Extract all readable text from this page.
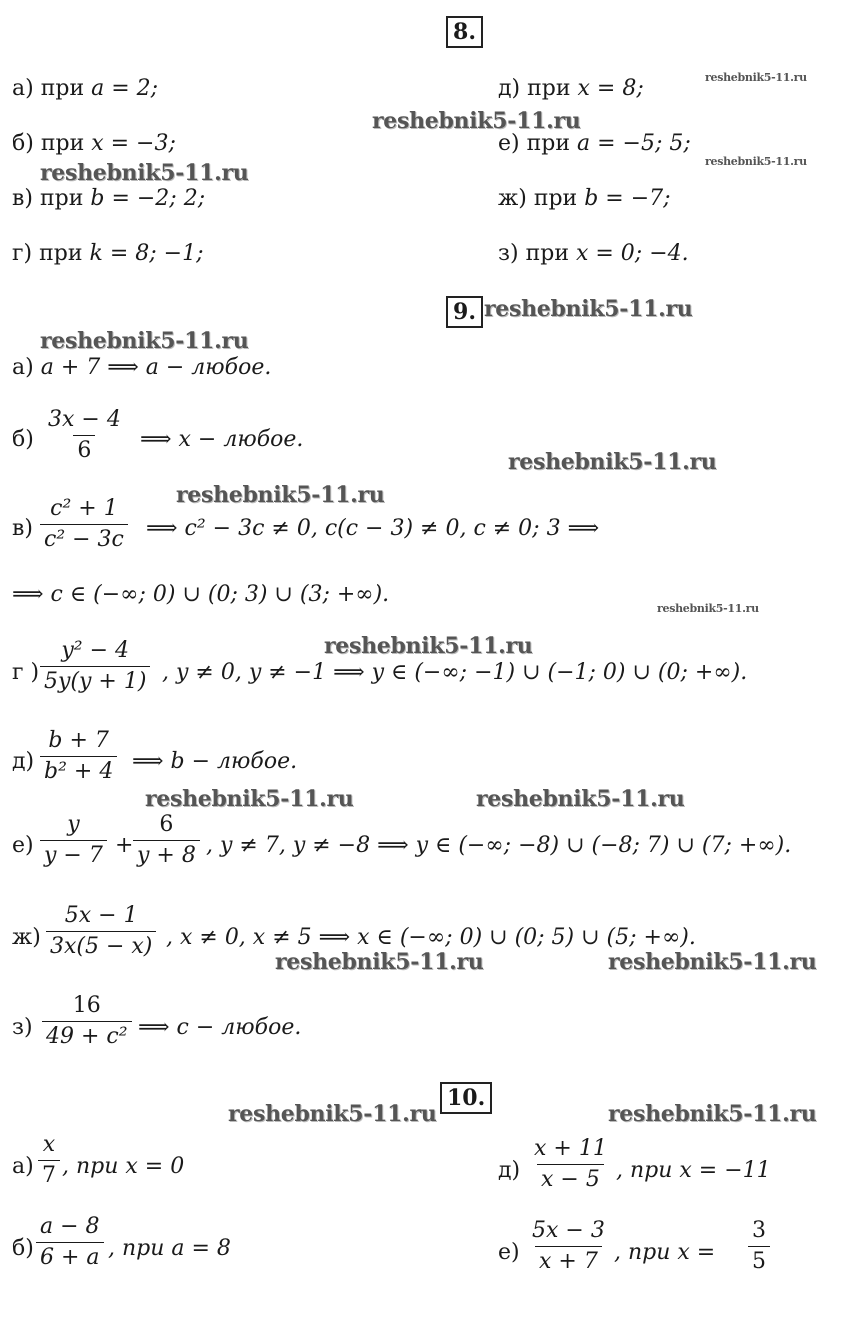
8.
а) при a = 2;
б) при x = −3;
в) при b = −2; 2;
г) при k = 8; −1;
д) при x = 8;
е) при a = −5; 5;
ж) при b = −7;
з) при x = 0; −4.
9.
а) a + 7 ⟹ a − любое.
$б) \frac{3x - 4}{6}$ ⟹ x − любое.
$в) \frac{\text{c² + 1}}{\text{c² − 3c}}$ ⟹ c² − 3c ≠ 0, c(c − 3) ≠ 0, c ≠ 0; 3 ⟹
⟹ c ∈ (−∞; 0) ∪ (0; 3) ∪ (3; +∞).
г ) $\frac{\text{y² − 4}}{5y(y + 1)}$ , y ≠ 0, y ≠ −1 ⟹ y ∈ (−∞; −1) ∪ (−1; 0) ∪ (0; +∞).
$д) \frac{b + 7}{\text{b² + 4}}$ ⟹ b − любое.
$е) \frac{y}{y - 7} + \frac{6}{y + 8}$ , y ≠ 7, y ≠ −8 ⟹ y ∈ (−∞; −8) ∪ (−8; 7) ∪ (7; +∞).
$ж) \frac{5x - 1}{3x(5 - x)}$ , x ≠ 0, x ≠ 5 ⟹ x ∈ (−∞; 0) ∪ (0; 5) ∪ (5; +∞).
$з) \frac{16}{\text{49 + c²}}$ ⟹ c − любое.
10.
$а) \frac{x}{7}$ , при x = 0
$б) \frac{a - 8}{6 + a}$ , при a = 8
$д) \frac{x + 11}{x - 5}$ , при x = −11
$е) \frac{5x - 3}{x + 7}$ , при $x = \frac{3}{5}$
reshebnik5-11.ru
reshebnik5-11.ru
reshebnik5-11.ru
reshebnik5-11.ru
reshebnik5-11.ru
reshebnik5-11.ru
reshebnik5-11.ru
reshebnik5-11.ru
reshebnik5-11.ru
reshebnik5-11.ru
reshebnik5-11.ru	reshebnik5-11.ru
reshebnik5-11.ru	reshebnik5-11.ru
reshebnik5-11.ru	reshebnik5-11.ru
